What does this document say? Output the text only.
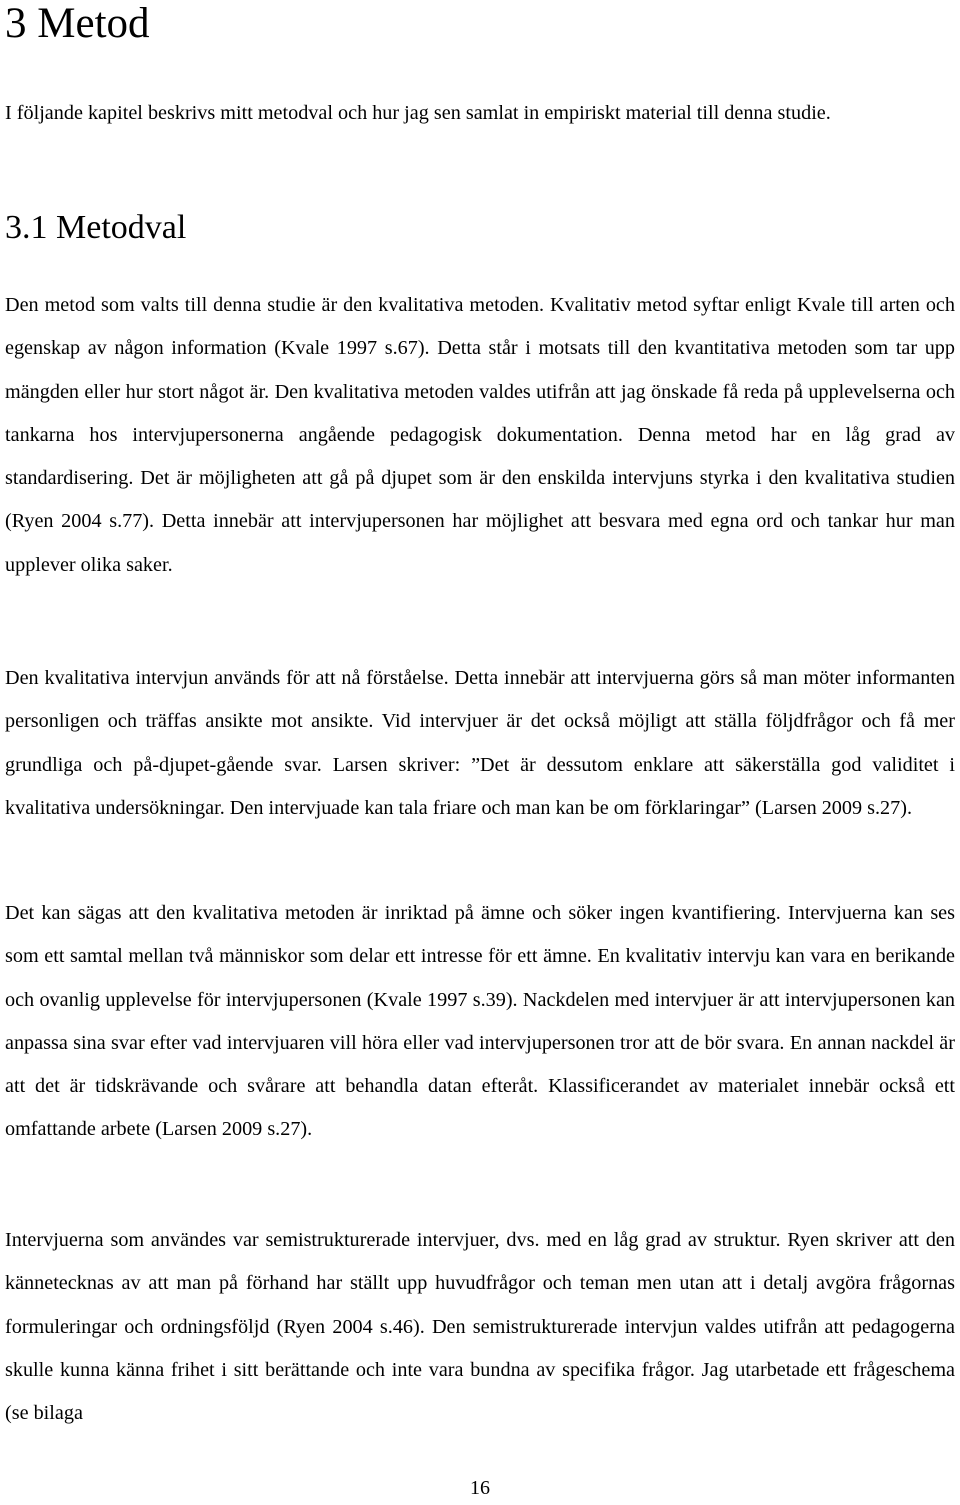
3 Metod

I följande kapitel beskrivs mitt metodval och hur jag sen samlat in empiriskt material till denna studie.

3.1 Metodval

Den metod som valts till denna studie är den kvalitativa metoden. Kvalitativ metod syftar enligt Kvale till arten och egenskap av någon information (Kvale 1997 s.67). Detta står i motsats till den kvantitativa metoden som tar upp mängden eller hur stort något är. Den kvalitativa metoden valdes utifrån att jag önskade få reda på upplevelserna och tankarna hos intervjupersonerna angående pedagogisk dokumentation. Denna metod har en låg grad av standardisering. Det är möjligheten att gå på djupet som är den enskilda intervjuns styrka i den kvalitativa studien (Ryen 2004 s.77). Detta innebär att intervjupersonen har möjlighet att besvara med egna ord och tankar hur man upplever olika saker.

Den kvalitativa intervjun används för att nå förståelse. Detta innebär att intervjuerna görs så man möter informanten personligen och träffas ansikte mot ansikte. Vid intervjuer är det också möjligt att ställa följdfrågor och få mer grundliga och på-djupet-gående svar. Larsen skriver: ”Det är dessutom enklare att säkerställa god validitet i kvalitativa undersökningar. Den intervjuade kan tala friare och man kan be om förklaringar” (Larsen 2009 s.27).

Det kan sägas att den kvalitativa metoden är inriktad på ämne och söker ingen kvantifiering. Intervjuerna kan ses som ett samtal mellan två människor som delar ett intresse för ett ämne. En kvalitativ intervju kan vara en berikande och ovanlig upplevelse för intervjupersonen (Kvale 1997 s.39). Nackdelen med intervjuer är att intervjupersonen kan anpassa sina svar efter vad intervjuaren vill höra eller vad intervjupersonen tror att de bör svara. En annan nackdel är att det är tidskrävande och svårare att behandla datan efteråt. Klassificerandet av materialet innebär också ett omfattande arbete (Larsen 2009 s.27).

Intervjuerna som användes var semistrukturerade intervjuer, dvs. med en låg grad av struktur. Ryen skriver att den kännetecknas av att man på förhand har ställt upp huvudfrågor och teman men utan att i detalj avgöra frågornas formuleringar och ordningsföljd (Ryen 2004 s.46). Den semistrukturerade intervjun valdes utifrån att pedagogerna skulle kunna känna frihet i sitt berättande och inte vara bundna av specifika frågor. Jag utarbetade ett frågeschema (se bilaga

16
